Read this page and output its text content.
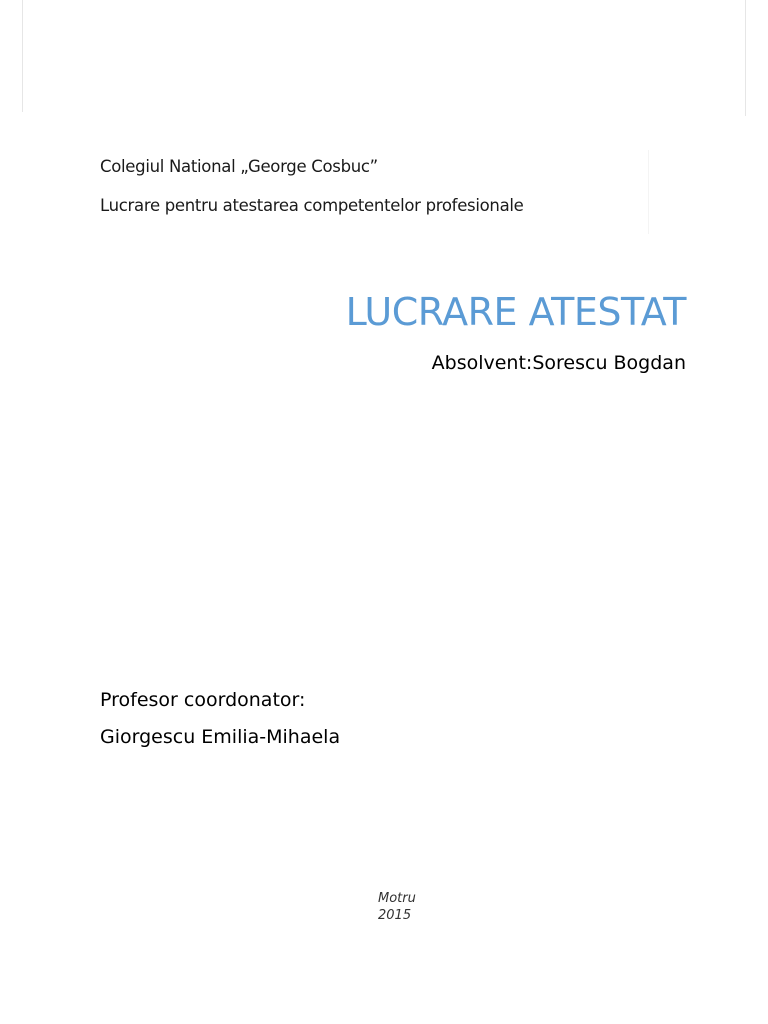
Colegiul National „George Cosbuc”
Lucrare pentru atestarea competentelor profesionale
LUCRARE ATESTAT
Absolvent:Sorescu Bogdan
Profesor coordonator:
Giorgescu Emilia-Mihaela
Motru
2015
